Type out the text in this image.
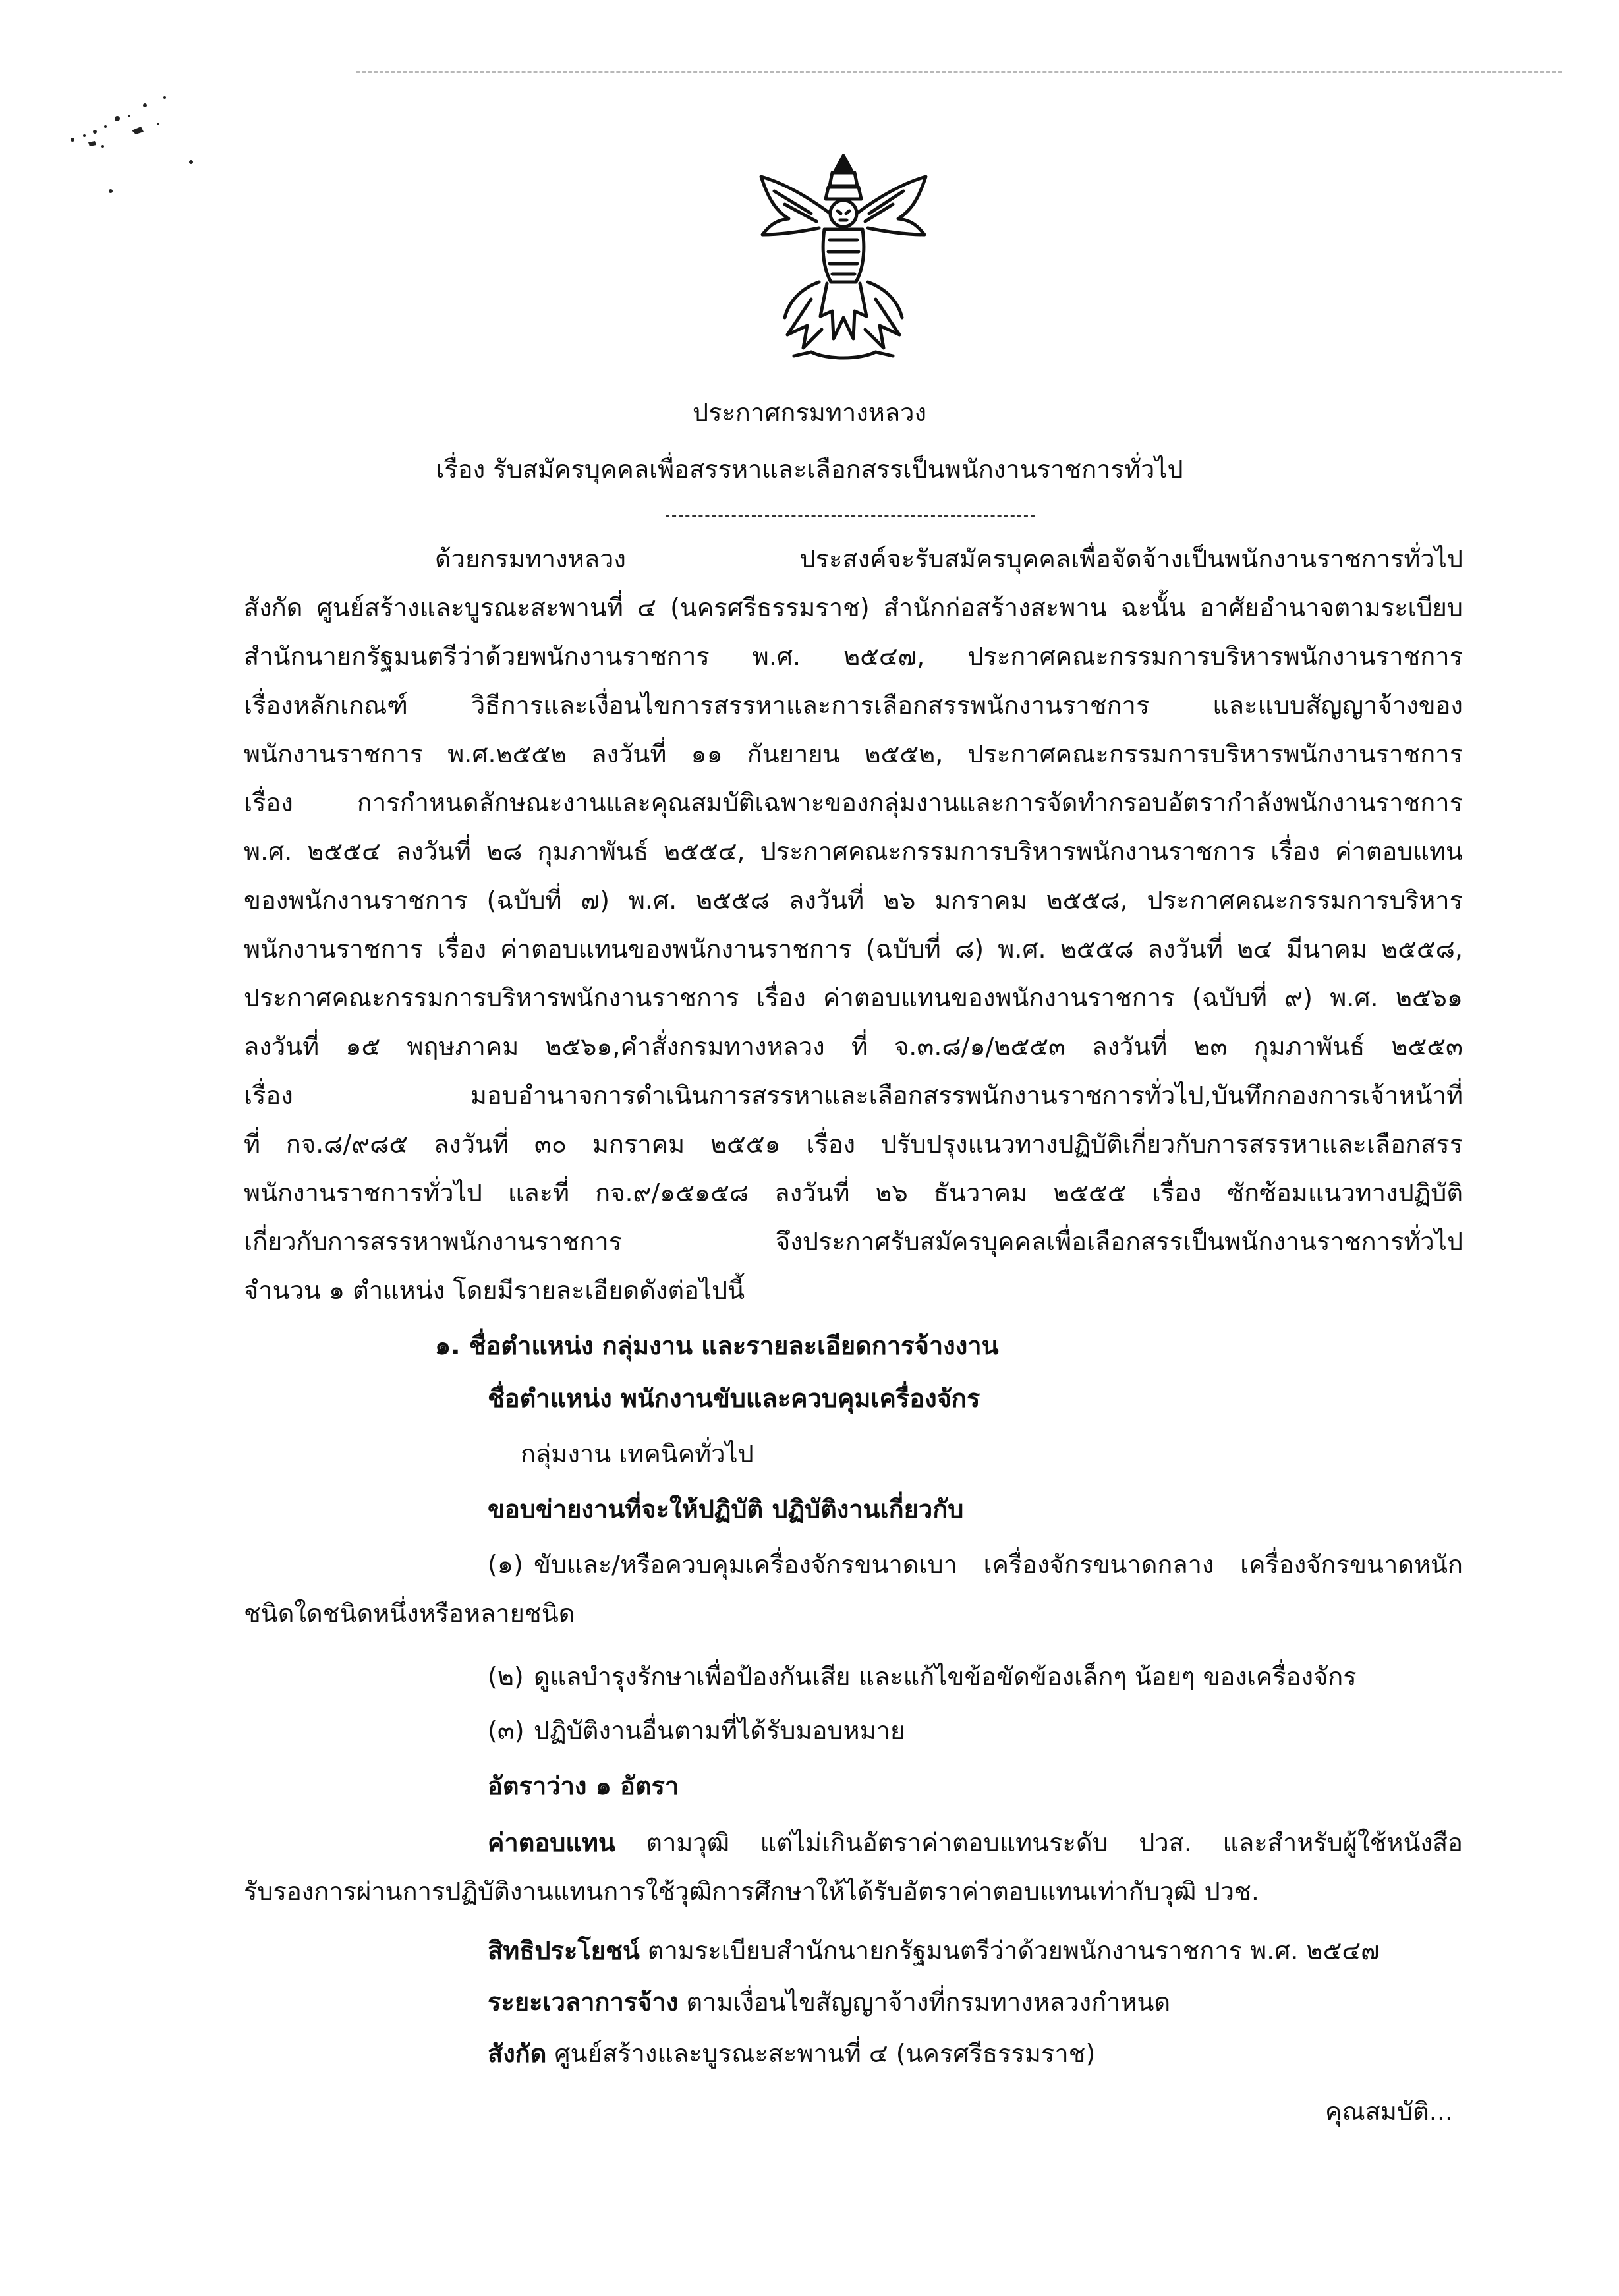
ประกาศกรมทางหลวง
เรื่อง รับสมัครบุคคลเพื่อสรรหาและเลือกสรรเป็นพนักงานราชการทั่วไป
ด้วยกรมทางหลวง ประสงค์จะรับสมัครบุคคลเพื่อจัดจ้างเป็นพนักงานราชการทั่วไป
สังกัด ศูนย์สร้างและบูรณะสะพานที่ ๔ (นครศรีธรรมราช) สำนักก่อสร้างสะพาน ฉะนั้น อาศัยอำนาจตามระเบียบ
สำนักนายกรัฐมนตรีว่าด้วยพนักงานราชการ พ.ศ. ๒๕๔๗, ประกาศคณะกรรมการบริหารพนักงานราชการ
เรื่องหลักเกณฑ์ วิธีการและเงื่อนไขการสรรหาและการเลือกสรรพนักงานราชการ และแบบสัญญาจ้างของ
พนักงานราชการ พ.ศ.๒๕๕๒ ลงวันที่ ๑๑ กันยายน ๒๕๕๒, ประกาศคณะกรรมการบริหารพนักงานราชการ
เรื่อง การกำหนดลักษณะงานและคุณสมบัติเฉพาะของกลุ่มงานและการจัดทำกรอบอัตรากำลังพนักงานราชการ
พ.ศ. ๒๕๕๔ ลงวันที่ ๒๘ กุมภาพันธ์ ๒๕๕๔, ประกาศคณะกรรมการบริหารพนักงานราชการ เรื่อง ค่าตอบแทน
ของพนักงานราชการ (ฉบับที่ ๗) พ.ศ. ๒๕๕๘ ลงวันที่ ๒๖ มกราคม ๒๕๕๘, ประกาศคณะกรรมการบริหาร
พนักงานราชการ เรื่อง ค่าตอบแทนของพนักงานราชการ (ฉบับที่ ๘) พ.ศ. ๒๕๕๘ ลงวันที่ ๒๔ มีนาคม ๒๕๕๘,
ประกาศคณะกรรมการบริหารพนักงานราชการ เรื่อง ค่าตอบแทนของพนักงานราชการ (ฉบับที่ ๙) พ.ศ. ๒๕๖๑
ลงวันที่ ๑๕ พฤษภาคม ๒๕๖๑,คำสั่งกรมทางหลวง ที่ จ.๓.๘/๑/๒๕๕๓ ลงวันที่ ๒๓ กุมภาพันธ์ ๒๕๕๓
เรื่อง มอบอำนาจการดำเนินการสรรหาและเลือกสรรพนักงานราชการทั่วไป,บันทึกกองการเจ้าหน้าที่
ที่ กจ.๘/๙๘๕ ลงวันที่ ๓๐ มกราคม ๒๕๕๑ เรื่อง ปรับปรุงแนวทางปฏิบัติเกี่ยวกับการสรรหาและเลือกสรร
พนักงานราชการทั่วไป และที่ กจ.๙/๑๕๑๕๘ ลงวันที่ ๒๖ ธันวาคม ๒๕๕๕ เรื่อง ซักซ้อมแนวทางปฏิบัติ
เกี่ยวกับการสรรหาพนักงานราชการ จึงประกาศรับสมัครบุคคลเพื่อเลือกสรรเป็นพนักงานราชการทั่วไป
จำนวน ๑ ตำแหน่ง โดยมีรายละเอียดดังต่อไปนี้
๑. ชื่อตำแหน่ง กลุ่มงาน และรายละเอียดการจ้างงาน
ชื่อตำแหน่ง พนักงานขับและควบคุมเครื่องจักร
กลุ่มงาน เทคนิคทั่วไป
ขอบข่ายงานที่จะให้ปฏิบัติ ปฏิบัติงานเกี่ยวกับ
(๑) ขับและ/หรือควบคุมเครื่องจักรขนาดเบา เครื่องจักรขนาดกลาง เครื่องจักรขนาดหนัก
ชนิดใดชนิดหนึ่งหรือหลายชนิด
(๒) ดูแลบำรุงรักษาเพื่อป้องกันเสีย และแก้ไขข้อขัดข้องเล็กๆ น้อยๆ ของเครื่องจักร
(๓) ปฏิบัติงานอื่นตามที่ได้รับมอบหมาย
อัตราว่าง ๑ อัตรา
ค่าตอบแทน ตามวุฒิ แต่ไม่เกินอัตราค่าตอบแทนระดับ ปวส. และสำหรับผู้ใช้หนังสือ
รับรองการผ่านการปฏิบัติงานแทนการใช้วุฒิการศึกษาให้ได้รับอัตราค่าตอบแทนเท่ากับวุฒิ ปวช.
สิทธิประโยชน์ ตามระเบียบสำนักนายกรัฐมนตรีว่าด้วยพนักงานราชการ พ.ศ. ๒๕๔๗
ระยะเวลาการจ้าง ตามเงื่อนไขสัญญาจ้างที่กรมทางหลวงกำหนด
สังกัด ศูนย์สร้างและบูรณะสะพานที่ ๔ (นครศรีธรรมราช)
คุณสมบัติ...
